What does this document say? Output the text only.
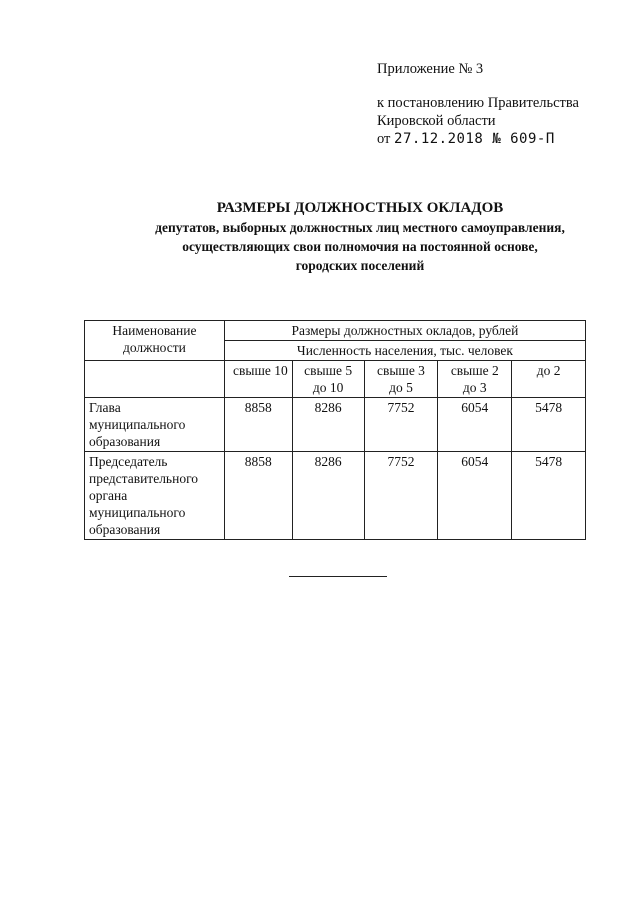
Приложение № 3
к постановлению Правительства
Кировской области
от 27.12.2018 № 609-П
РАЗМЕРЫ ДОЛЖНОСТНЫХ ОКЛАДОВ
депутатов, выборных должностных лиц местного самоуправления,
осуществляющих свои полномочия на постоянной основе,
городских поселений
Наименование должности	Размеры должностных окладов, рублей				
	Численность населения, тыс. человек				
	свыше 10	свыше 5 до 10	свыше 3 до 5	свыше 2 до 3	до 2
Глава муниципального образования	8858	8286	7752	6054	5478
Председатель представительного органа муниципального образования	8858	8286	7752	6054	5478
